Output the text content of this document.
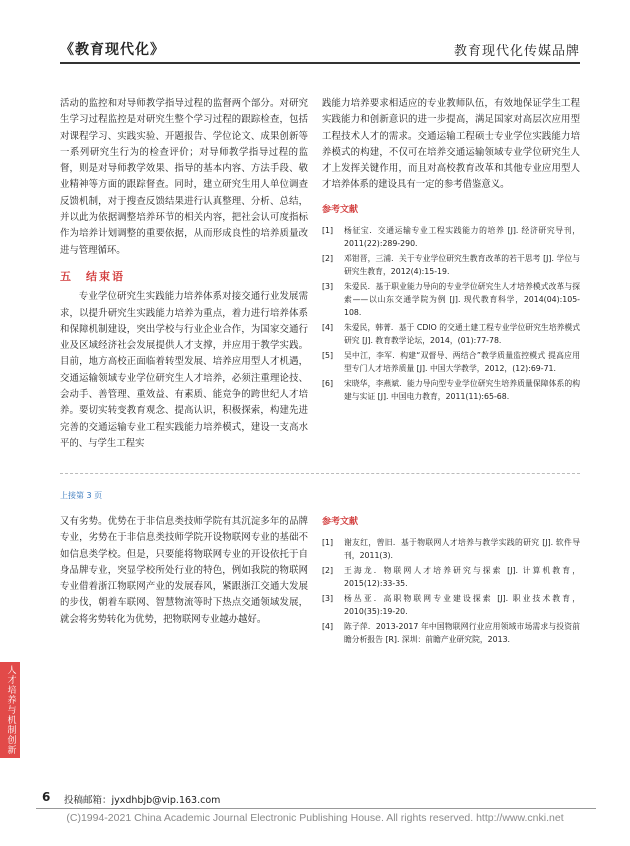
《教育现代化》	教育现代化传媒品牌

活动的监控和对导师教学指导过程的监督两个部分。对研究生学习过程监控是对研究生整个学习过程的跟踪检查，包括对课程学习、实践实验、开题报告、学位论文、成果创新等一系列研究生行为的检查评价；对导师教学指导过程的监督，则是对导师教学效果、指导的基本内容、方法手段、敬业精神等方面的跟踪督查。同时，建立研究生用人单位调查反馈机制，对于搜查反馈结果进行认真整理、分析、总结，并以此为依据调整培养环节的相关内容，把社会认可度指标作为培养计划调整的重要依据，从而形成良性的培养质量改进与管理循环。

五　结束语

专业学位研究生实践能力培养体系对接交通行业发展需求，以提升研究生实践能力培养为重点，着力进行培养体系和保障机制建设，突出学校与行业企业合作，为国家交通行业及区域经济社会发展提供人才支撑，并应用于教学实践。目前，地方高校正面临着转型发展、培养应用型人才机遇，交通运输领域专业学位研究生人才培养，必须注重理论技、会动手、善管理、重效益、有素质、能竞争的跨世纪人才培养。要切实转变教育观念、提高认识，积极探索，构建先进完善的交通运输专业工程实践能力培养模式，建设一支高水平的、与学生工程实

践能力培养要求相适应的专业教师队伍，有效地保证学生工程实践能力和创新意识的进一步提高，满足国家对高层次应用型工程技术人才的需求。交通运输工程硕士专业学位实践能力培养模式的构建，不仅可在培养交通运输领域专业学位研究生人才上发挥关键作用，而且对高校教育改革和其他专业应用型人才培养体系的建设具有一定的参考借鉴意义。

参考文献
[1]	杨征宝．交通运输专业工程实践能力的培养 [J]. 经济研究导刊，2011(22):289-290.
[2]	邓钳晋，三浦．关于专业学位研究生教育改革的若干思考 [J]. 学位与研究生教育，2012(4):15-19.
[3]	朱爱民．基于职业能力导向的专业学位研究生人才培养模式改革与探索——以山东交通学院为例 [J]. 现代教育科学，2014(04):105-108.
[4]	朱爱民，韩菁．基于 CDIO 的交通土建工程专业学位研究生培养模式研究 [J]. 教育教学论坛，2014，(01):77-78.
[5]	吴中江，李军．构建“双督导、两结合”教学质量监控模式 提高应用型专门人才培养质量 [J]. 中国大学教学，2012，(12):69-71.
[6]	宋晓华，李燕斌．能力导向型专业学位研究生培养质量保障体系的构建与实证 [J]. 中国电力教育，2011(11):65-68.
上接第 3 页

又有劣势。优势在于非信息类技师学院有其沉淀多年的品牌专业，劣势在于非信息类技师学院开设物联网专业的基础不如信息类学校。但是，只要能将物联网专业的开设依托于自身品牌专业，突显学校所处行业的特色，例如我院的物联网专业借着浙江物联网产业的发展春风，紧跟浙江交通大发展的步伐，朝着车联网、智慧物流等时下热点交通领域发展，就会将劣势转化为优势，把物联网专业越办越好。

参考文献
[1]	谢友红，曾旧．基于物联网人才培养与教学实践的研究 [J]. 软件导刊，2011(3).
[2]	王海龙．物联网人才培养研究与探索 [J]. 计算机教育，2015(12):33-35.
[3]	杨丛亚．高职物联网专业建设探索 [J]. 职业技术教育，2010(35):19-20.
[4]	陈子萍．2013-2017 年中国物联网行业应用领域市场需求与投资前瞻分析报告 [R]. 深圳：前瞻产业研究院，2013.
人才培养与机制创新
6 投稿邮箱：jyxdhbjb@vip.163.com
(C)1994-2021 China Academic Journal Electronic Publishing House. All rights reserved. http://www.cnki.net
